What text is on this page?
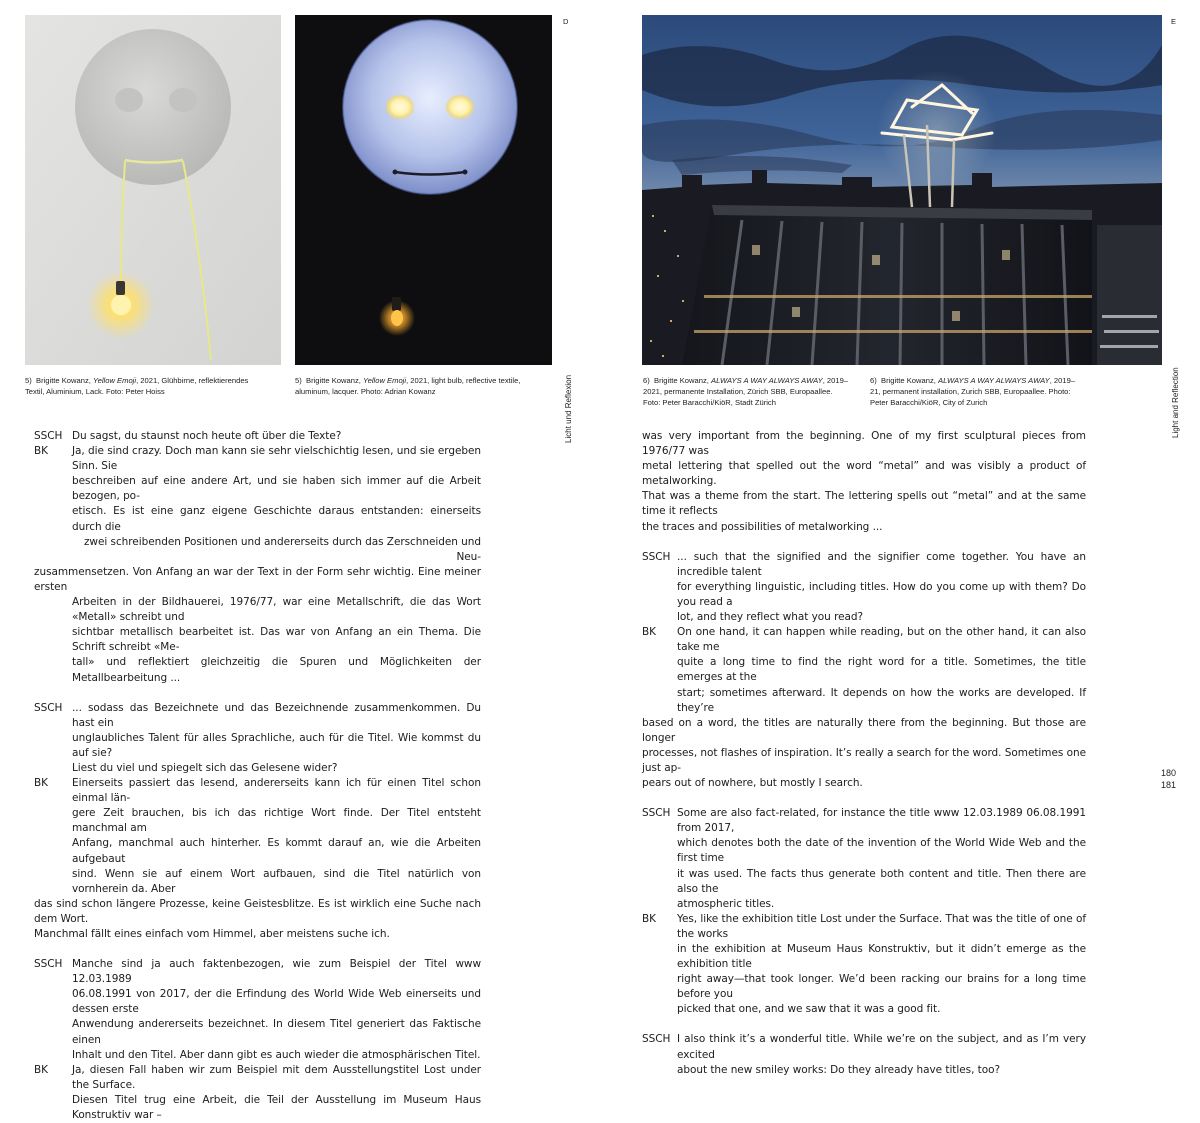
D
Licht und Reflexion
5) Brigitte Kowanz, Yellow Emoji, 2021, Glühbirne, reflektierendes
Textil, Aluminium, Lack. Foto: Peter Hoiss
5) Brigitte Kowanz, Yellow Emoji, 2021, light bulb, reflective textile,
aluminum, lacquer. Photo: Adrian Kowanz
SSCH Du sagst, du staunst noch heute oft über die Texte?
BK Ja, die sind crazy. Doch man kann sie sehr vielschichtig lesen, und sie ergeben Sinn. Sie
beschreiben auf eine andere Art, und sie haben sich immer auf die Arbeit bezogen, po-
etisch. Es ist eine ganz eigene Geschichte daraus entstanden: einerseits durch die
zwei schreibenden Positionen und andererseits durch das Zerschneiden und Neu-
zusammensetzen. Von Anfang an war der Text in der Form sehr wichtig. Eine meiner ersten
Arbeiten in der Bildhauerei, 1976/77, war eine Metallschrift, die das Wort «Metall» schreibt und
sichtbar metallisch bearbeitet ist. Das war von Anfang an ein Thema. Die Schrift schreibt «Me-
tall» und reflektiert gleichzeitig die Spuren und Möglichkeiten der Metallbearbeitung ...
SSCH ... sodass das Bezeichnete und das Bezeichnende zusammenkommen. Du hast ein
unglaubliches Talent für alles Sprachliche, auch für die Titel. Wie kommst du auf sie?
Liest du viel und spiegelt sich das Gelesene wider?
BK Einerseits passiert das lesend, andererseits kann ich für einen Titel schon einmal län-
gere Zeit brauchen, bis ich das richtige Wort finde. Der Titel entsteht manchmal am
Anfang, manchmal auch hinterher. Es kommt darauf an, wie die Arbeiten aufgebaut
sind. Wenn sie auf einem Wort aufbauen, sind die Titel natürlich von vornherein da. Aber
das sind schon längere Prozesse, keine Geistesblitze. Es ist wirklich eine Suche nach dem Wort.
Manchmal fällt eines einfach vom Himmel, aber meistens suche ich.
SSCH Manche sind ja auch faktenbezogen, wie zum Beispiel der Titel www 12.03.1989
06.08.1991 von 2017, der die Erfindung des World Wide Web einerseits und dessen erste
Anwendung andererseits bezeichnet. In diesem Titel generiert das Faktische einen
Inhalt und den Titel. Aber dann gibt es auch wieder die atmosphärischen Titel.
BK Ja, diesen Fall haben wir zum Beispiel mit dem Ausstellungstitel Lost under the Surface.
Diesen Titel trug eine Arbeit, die Teil der Ausstellung im Museum Haus Konstruktiv war –
E
Light and Reflection
6) Brigitte Kowanz, ALWAYS A WAY ALWAYS AWAY, 2019–
2021, permanente Installation, Zürich SBB, Europaallee.
Foto: Peter Baracchi/KiöR, Stadt Zürich
6) Brigitte Kowanz, ALWAYS A WAY ALWAYS AWAY, 2019–
21, permanent installation, Zurich SBB, Europaallee. Photo:
Peter Baracchi/KiöR, City of Zurich
was very important from the beginning. One of my first sculptural pieces from 1976/77 was
metal lettering that spelled out the word “metal” and was visibly a product of metalworking.
That was a theme from the start. The lettering spells out “metal” and at the same time it reflects
the traces and possibilities of metalworking ...
SSCH ... such that the signified and the signifier come together. You have an incredible talent
for everything linguistic, including titles. How do you come up with them? Do you read a
lot, and they reflect what you read?
BK On one hand, it can happen while reading, but on the other hand, it can also take me
quite a long time to find the right word for a title. Sometimes, the title emerges at the
start; sometimes afterward. It depends on how the works are developed. If they’re
based on a word, the titles are naturally there from the beginning. But those are longer
processes, not flashes of inspiration. It’s really a search for the word. Sometimes one just ap-
pears out of nowhere, but mostly I search.
SSCH Some are also fact-related, for instance the title www 12.03.1989 06.08.1991 from 2017,
which denotes both the date of the invention of the World Wide Web and the first time
it was used. The facts thus generate both content and title. Then there are also the
atmospheric titles.
BK Yes, like the exhibition title Lost under the Surface. That was the title of one of the works
in the exhibition at Museum Haus Konstruktiv, but it didn’t emerge as the exhibition title
right away—that took longer. We’d been racking our brains for a long time before you
picked that one, and we saw that it was a good fit.
SSCH I also think it’s a wonderful title. While we’re on the subject, and as I’m very excited
about the new smiley works: Do they already have titles, too?
180
181
